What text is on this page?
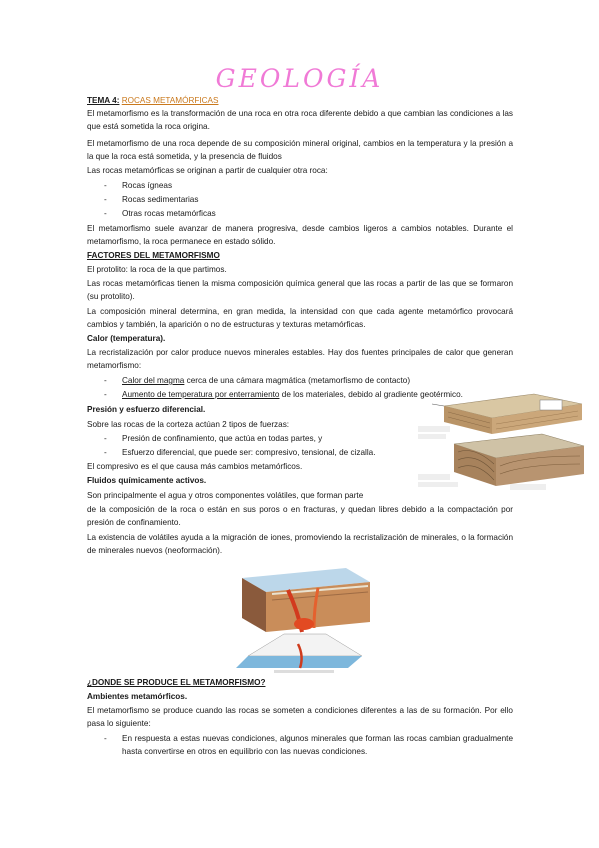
GEOLOGÍA
TEMA 4: ROCAS METAMÓRFICAS
El metamorfismo es la transformación de una roca en otra roca diferente debido a que cambian las condiciones a las que está sometida la roca origina.
El metamorfismo de una roca depende de su composición mineral original, cambios en la temperatura y la presión a la que la roca está sometida, y la presencia de fluidos
Las rocas metamórficas se originan a partir de cualquier otra roca:
- Rocas ígneas
- Rocas sedimentarias
- Otras rocas metamórficas
El metamorfismo suele avanzar de manera progresiva, desde cambios ligeros a cambios notables. Durante el metamorfismo, la roca permanece en estado sólido.
FACTORES DEL METAMORFISMO
El protolito: la roca de la que partimos.
Las rocas metamórficas tienen la misma composición química general que las rocas a partir de las que se formaron (su protolito).
La composición mineral determina, en gran medida, la intensidad con que cada agente metamórfico provocará cambios y también, la aparición o no de estructuras y texturas metamórficas.
Calor (temperatura).
La recristalización por calor produce nuevos minerales estables. Hay dos fuentes principales de calor que generan metamorfismo:
- Calor del magma cerca de una cámara magmática (metamorfismo de contacto)
- Aumento de temperatura por enterramiento de los materiales, debido al gradiente geotérmico.
Presión y esfuerzo diferencial.
Sobre las rocas de la corteza actúan 2 tipos de fuerzas:
- Presión de confinamiento, que actúa en todas partes, y
- Esfuerzo diferencial, que puede ser: compresivo, tensional, de cizalla.
El compresivo es el que causa más cambios metamórficos.
Fluidos químicamente activos.
Son principalmente el agua y otros componentes volátiles, que forman parte
de la composición de la roca o están en sus poros o en fracturas, y quedan libres debido a la compactación por presión de confinamiento.
La existencia de volátiles ayuda a la migración de iones, promoviendo la recristalización de minerales, o la formación de minerales nuevos (neoformación).
¿DONDE SE PRODUCE EL METAMORFISMO?
Ambientes metamórficos.
El metamorfismo se produce cuando las rocas se someten a condiciones diferentes a las de su formación. Por ello pasa lo siguiente:
- En respuesta a estas nuevas condiciones, algunos minerales que forman las rocas cambian gradualmente hasta convertirse en otros en equilibrio con las nuevas condiciones.
